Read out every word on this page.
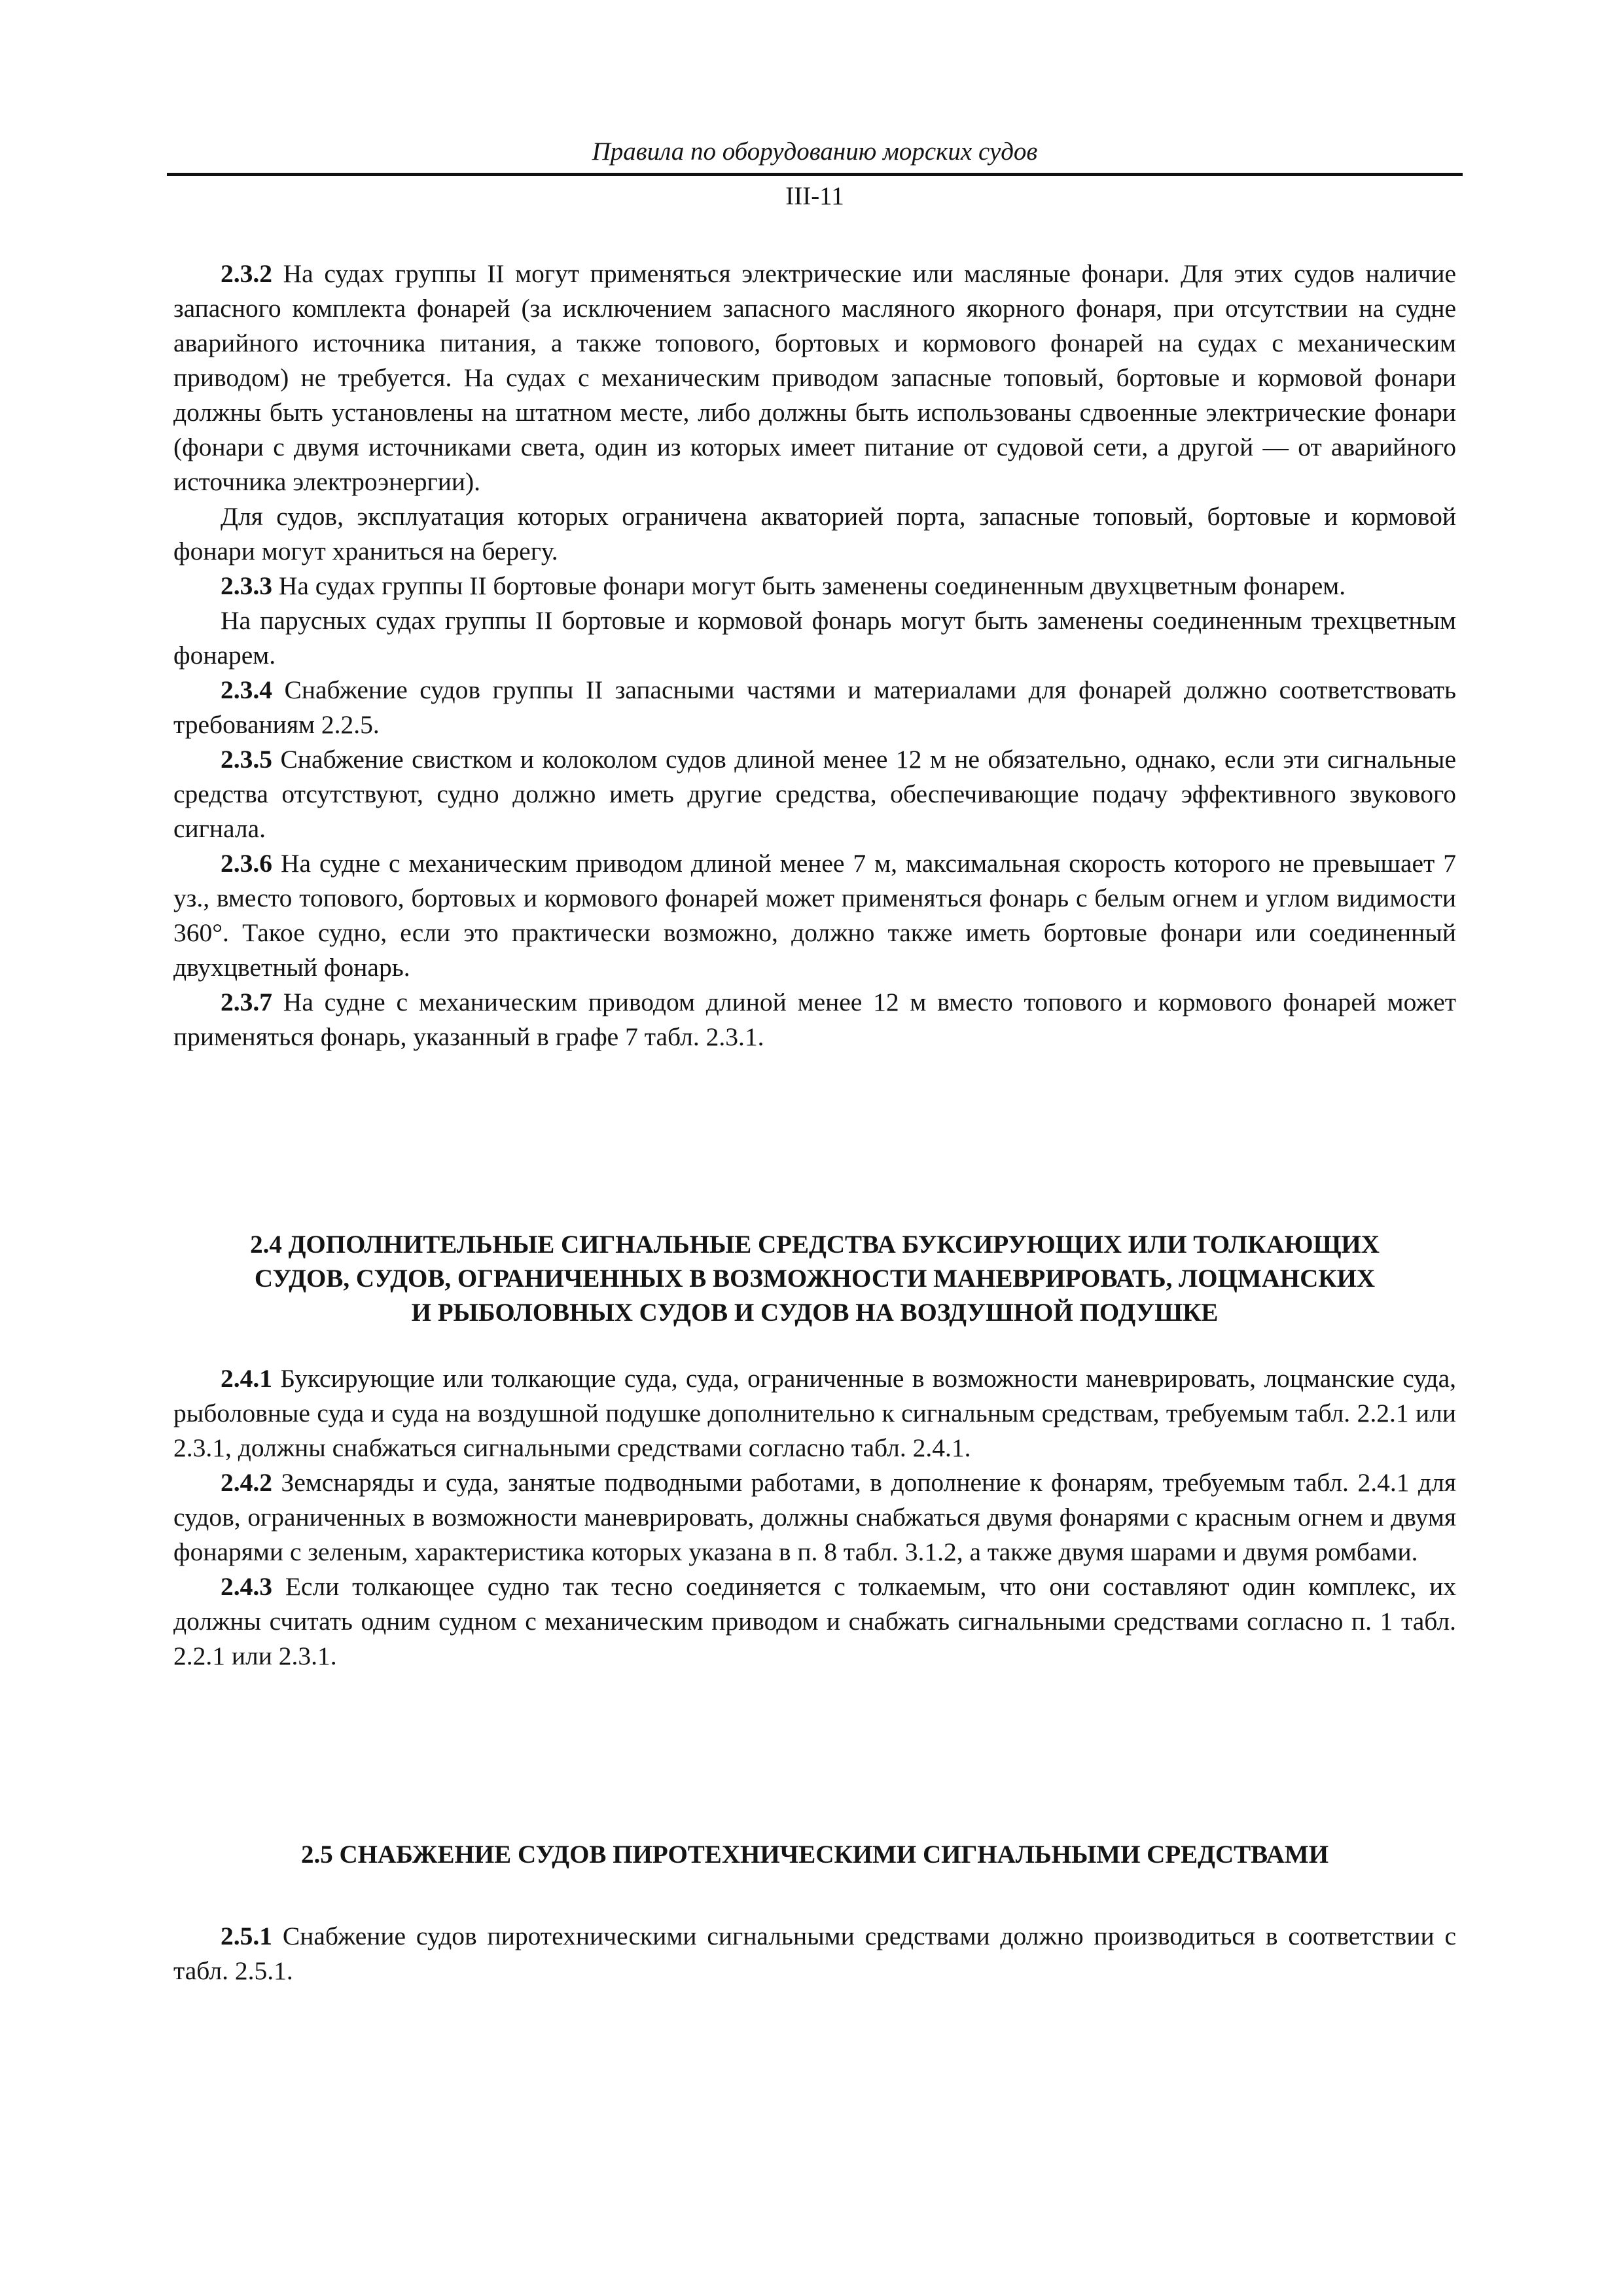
Правила по оборудованию морских судов
III-11

2.3.2 На судах группы II могут применяться электрические или масляные фонари. Для этих судов наличие запасного комплекта фонарей (за исключением запасного масляного якорного фонаря, при отсутствии на судне аварийного источника питания, а также топового, бортовых и кормового фонарей на судах с механическим приводом) не требуется. На судах с механическим приводом запасные топовый, бортовые и кормовой фонари должны быть установлены на штатном месте, либо должны быть использованы сдвоенные электрические фонари (фонари с двумя источниками света, один из которых имеет питание от судовой сети, а другой — от аварийного источника электроэнергии).

Для судов, эксплуатация которых ограничена акваторией порта, запасные топовый, бортовые и кормовой фонари могут храниться на берегу.

2.3.3 На судах группы II бортовые фонари могут быть заменены соединенным двухцветным фонарем.

На парусных судах группы II бортовые и кормовой фонарь могут быть заменены соединенным трехцветным фонарем.

2.3.4 Снабжение судов группы II запасными частями и материалами для фонарей должно соответствовать требованиям 2.2.5.

2.3.5 Снабжение свистком и колоколом судов длиной менее 12 м не обязательно, однако, если эти сигнальные средства отсутствуют, судно должно иметь другие средства, обеспечивающие подачу эффективного звукового сигнала.

2.3.6 На судне с механическим приводом длиной менее 7 м, максимальная скорость которого не превышает 7 уз., вместо топового, бортовых и кормового фонарей может применяться фонарь с белым огнем и углом видимости 360°. Такое судно, если это практически возможно, должно также иметь бортовые фонари или соединенный двухцветный фонарь.

2.3.7 На судне с механическим приводом длиной менее 12 м вместо топового и кормового фонарей может применяться фонарь, указанный в графе 7 табл. 2.3.1.

2.4 ДОПОЛНИТЕЛЬНЫЕ СИГНАЛЬНЫЕ СРЕДСТВА БУКСИРУЮЩИХ ИЛИ ТОЛКАЮЩИХ
СУДОВ, СУДОВ, ОГРАНИЧЕННЫХ В ВОЗМОЖНОСТИ МАНЕВРИРОВАТЬ, ЛОЦМАНСКИХ
И РЫБОЛОВНЫХ СУДОВ И СУДОВ НА ВОЗДУШНОЙ ПОДУШКЕ

2.4.1 Буксирующие или толкающие суда, суда, ограниченные в возможности маневрировать, лоцманские суда, рыболовные суда и суда на воздушной подушке дополнительно к сигнальным средствам, требуемым табл. 2.2.1 или 2.3.1, должны снабжаться сигнальными средствами согласно табл. 2.4.1.

2.4.2 Земснаряды и суда, занятые подводными работами, в дополнение к фонарям, требуемым табл. 2.4.1 для судов, ограниченных в возможности маневрировать, должны снабжаться двумя фонарями с красным огнем и двумя фонарями с зеленым, характеристика которых указана в п. 8 табл. 3.1.2, а также двумя шарами и двумя ромбами.

2.4.3 Если толкающее судно так тесно соединяется с толкаемым, что они составляют один комплекс, их должны считать одним судном с механическим приводом и снабжать сигнальными средствами согласно п. 1 табл. 2.2.1 или 2.3.1.

2.5 СНАБЖЕНИЕ СУДОВ ПИРОТЕХНИЧЕСКИМИ СИГНАЛЬНЫМИ СРЕДСТВАМИ

2.5.1 Снабжение судов пиротехническими сигнальными средствами должно производиться в соответствии с табл. 2.5.1.
